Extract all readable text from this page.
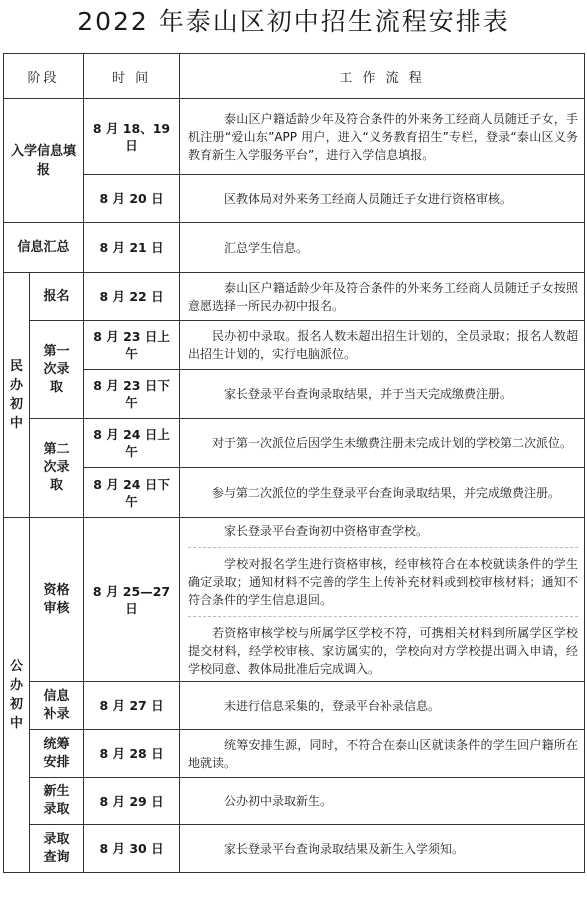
2022 年泰山区初中招生流程安排表
阶段		时 间	工 作 流 程
入学信息填报		8 月 18、19 日	泰山区户籍适龄少年及符合条件的外来务工经商人员随迁子女，手机注册“爱山东”APP 用户，进入“义务教育招生”专栏，登录“泰山区义务教育新生入学服务平台”，进行入学信息填报。

		8 月 20 日	区教体局对外来务工经商人员随迁子女进行资格审核。

信息汇总		8 月 21 日	汇总学生信息。

民办初中	报名	8 月 22 日	泰山区户籍适龄少年及符合条件的外来务工经商人员随迁子女按照意愿选择一所民办初中报名。

	第一次录取	8 月 23 日上午	民办初中录取。报名人数未超出招生计划的，全员录取；报名人数超出招生计划的，实行电脑派位。

		8 月 23 日下午	家长登录平台查询录取结果，并于当天完成缴费注册。

	第二次录取	8 月 24 日上午	对于第一次派位后因学生未缴费注册未完成计划的学校第二次派位。

		8 月 24 日下午	参与第二次派位的学生登录平台查询录取结果，并完成缴费注册。

公办初中	资格审核	8 月 25—27 日	家长登录平台查询初中资格审查学校。

学校对报名学生进行资格审核，经审核符合在本校就读条件的学生确定录取；通知材料不完善的学生上传补充材料或到校审核材料；通知不符合条件的学生信息退回。

若资格审核学校与所属学区学校不符，可携相关材料到所属学区学校提交材料，经学校审核、家访属实的，学校向对方学校提出调入申请，经学校同意、教体局批准后完成调入。

	信息补录	8 月 27 日	未进行信息采集的，登录平台补录信息。

	统筹安排	8 月 28 日	统筹安排生源，同时，不符合在泰山区就读条件的学生回户籍所在地就读。

	新生录取	8 月 29 日	公办初中录取新生。

	录取查询	8 月 30 日	家长登录平台查询录取结果及新生入学须知。
